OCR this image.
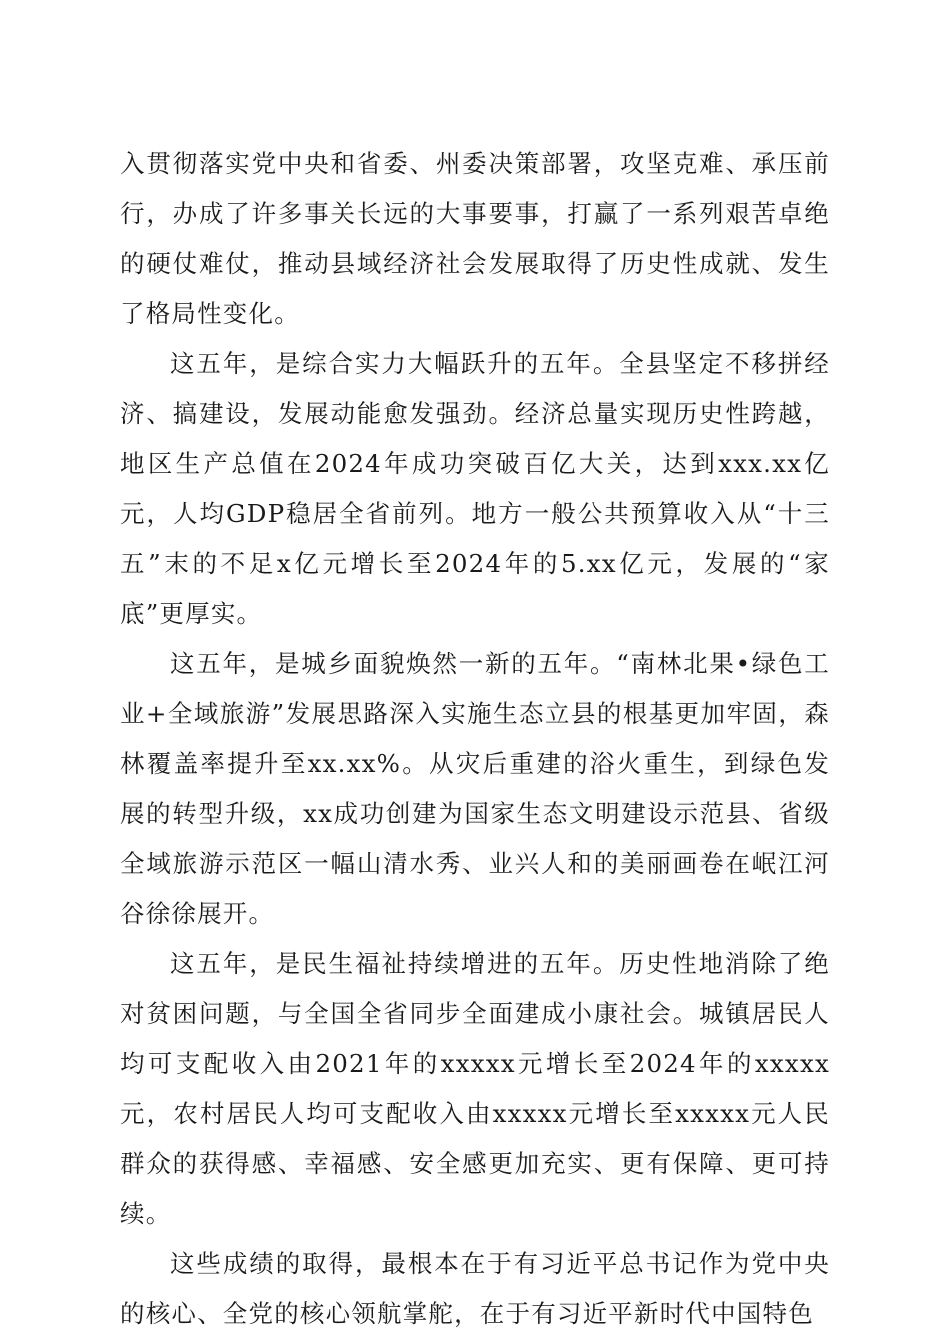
入贯彻落实党中央和省委、州委决策部署，攻坚克难、承压前行，办成了许多事关长远的大事要事，打赢了一系列艰苦卓绝的硬仗难仗，推动县域经济社会发展取得了历史性成就、发生了格局性变化。

这五年，是综合实力大幅跃升的五年。全县坚定不移拼经济、搞建设，发展动能愈发强劲。经济总量实现历史性跨越，地区生产总值在2024年成功突破百亿大关，达到xxx.xx亿元，人均GDP稳居全省前列。地方一般公共预算收入从“十三五”末的不足x亿元增长至2024年的5.xx亿元，发展的“家底”更厚实。

这五年，是城乡面貌焕然一新的五年。“南林北果•绿色工业+全域旅游”发展思路深入实施生态立县的根基更加牢固，森林覆盖率提升至xx.xx%。从灾后重建的浴火重生，到绿色发展的转型升级，xx成功创建为国家生态文明建设示范县、省级全域旅游示范区一幅山清水秀、业兴人和的美丽画卷在岷江河谷徐徐展开。

这五年，是民生福祉持续增进的五年。历史性地消除了绝对贫困问题，与全国全省同步全面建成小康社会。城镇居民人均可支配收入由2021年的xxxxx元增长至2024年的xxxxx元，农村居民人均可支配收入由xxxxx元增长至xxxxx元人民群众的获得感、幸福感、安全感更加充实、更有保障、更可持续。

这些成绩的取得，最根本在于有习近平总书记作为党中央的核心、全党的核心领航掌舵，在于有习近平新时代中国特色
